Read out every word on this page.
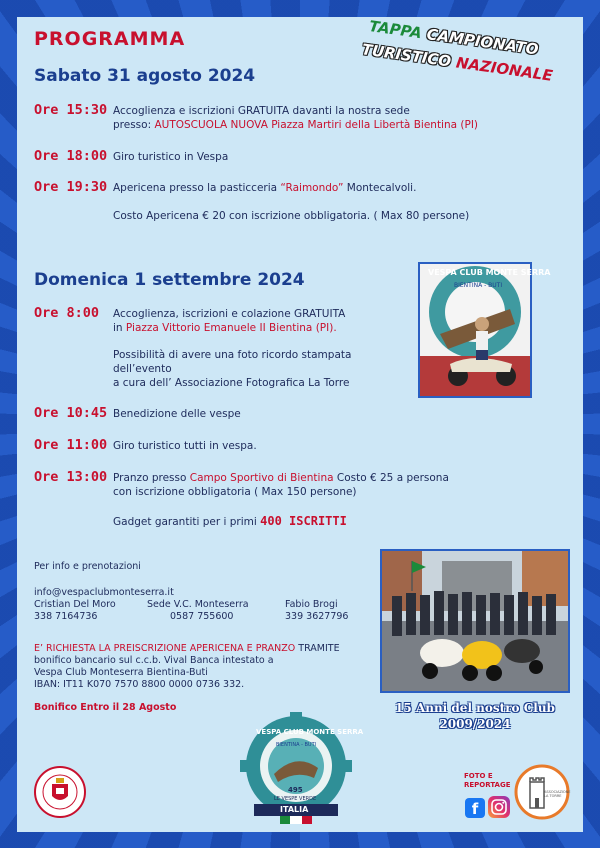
PROGRAMMA	TAPPA CAMPIONATO
TURISTICO NAZIONALE
Sabato 31 agosto 2024
Ore 15:30 Accoglienza e iscrizioni GRATUITA davanti la nostra sede
presso: AUTOSCUOLA NUOVA Piazza Martiri della Libertà Bientina (PI)
Ore 18:00 Giro turistico in Vespa
Ore 19:30 Apericena presso la pasticceria “Raimondo” Montecalvoli.
Costo Apericena € 20 con iscrizione obbligatoria. ( Max 80 persone)
Domenica 1 settembre 2024
Ore 8:00 Accoglienza, iscrizioni e colazione GRATUITA
in Piazza Vittorio Emanuele II Bientina (PI).
Possibilità di avere una foto ricordo stampata
dell’evento
a cura dell’ Associazione Fotografica La Torre
Ore 10:45 Benedizione delle vespe
Ore 11:00 Giro turistico tutti in vespa.
Ore 13:00 Pranzo presso Campo Sportivo di Bientina Costo € 25 a persona
con iscrizione obbligatoria ( Max 150 persone)
Gadget garantiti per i primi 400 ISCRITTI
VESPA CLUB MONTE SERRA
BIENTINA - BUTI
Per info e prenotazioni
info@vespaclubmonteserra.it
Cristian Del Moro
338 7164736
Sede V.C. Monteserra
0587 755600
Fabio Brogi
339 3627796
E’ RICHIESTA LA PREISCRIZIONE APERICENA E PRANZO TRAMITE
bonifico bancario sul c.c.b. Vival Banca intestato a
Vespa Club Monteserra Bientina-Buti
IBAN: IT11 K070 7570 8800 0000 0736 332.
Bonifico Entro il 28 Agosto	15 Anni del nostro Club
2009/2024
VESPA CLUB MONTE SERRA
BIENTINA - BUTI
495
LE VESPE VERDE
ITALIA
FOTO E
REPORTAGE
f
ASSOCIAZIONE LA TORRE
